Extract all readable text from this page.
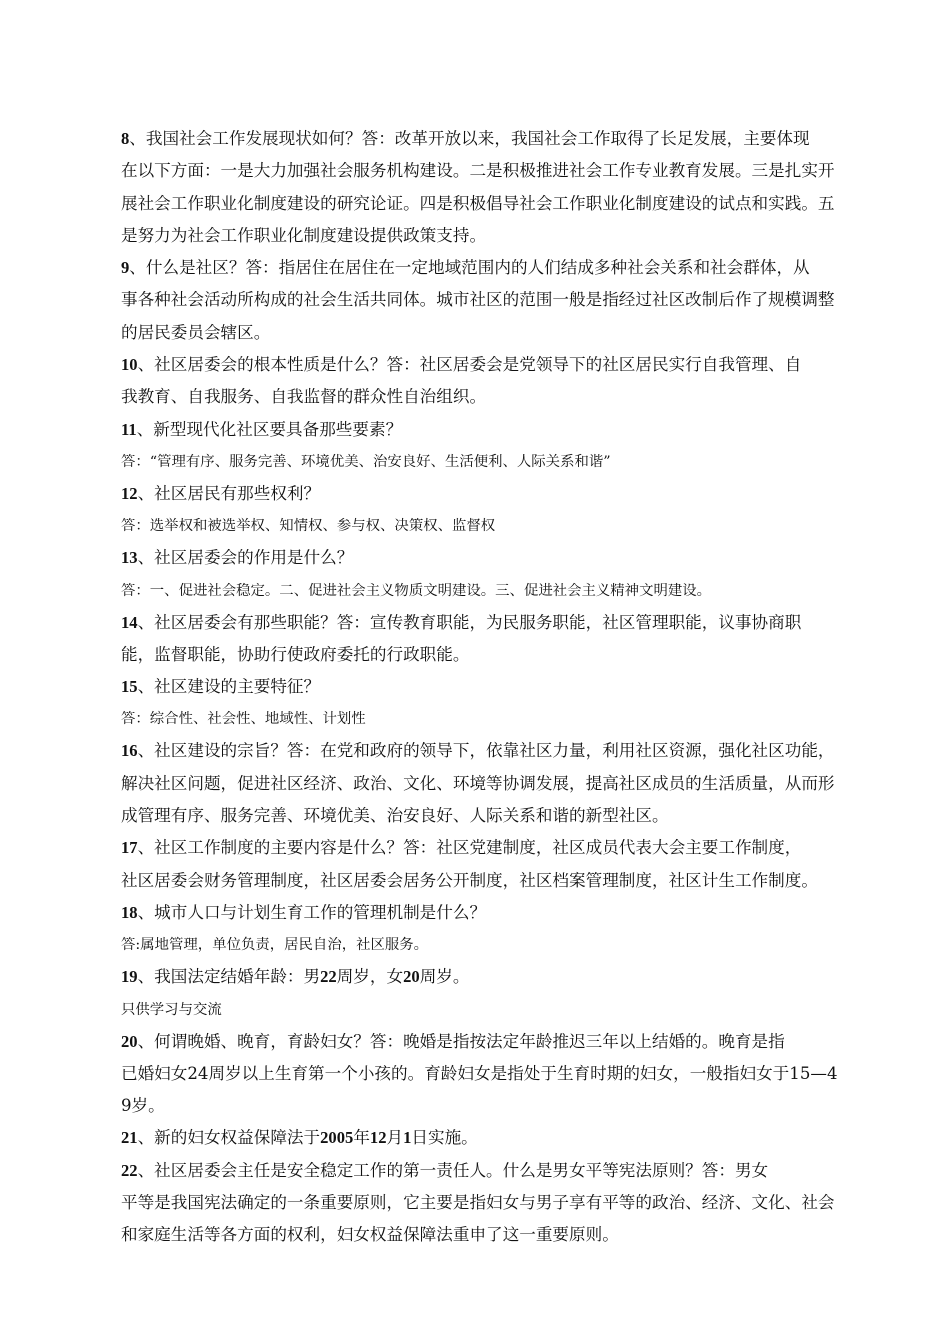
8、我国社会工作发展现状如何？答：改革开放以来，我国社会工作取得了长足发展，主要体现
在以下方面：一是大力加强社会服务机构建设。二是积极推进社会工作专业教育发展。三是扎实开
展社会工作职业化制度建设的研究论证。四是积极倡导社会工作职业化制度建设的试点和实践。五
是努力为社会工作职业化制度建设提供政策支持。
9、什么是社区？答：指居住在居住在一定地域范围内的人们结成多种社会关系和社会群体，从
事各种社会活动所构成的社会生活共同体。城市社区的范围一般是指经过社区改制后作了规模调整
的居民委员会辖区。
10、社区居委会的根本性质是什么？答：社区居委会是党领导下的社区居民实行自我管理、自
我教育、自我服务、自我监督的群众性自治组织。
11、新型现代化社区要具备那些要素？
答：“管理有序、服务完善、环境优美、治安良好、生活便利、人际关系和谐”
12、社区居民有那些权利？
答：选举权和被选举权、知情权、参与权、决策权、监督权
13、社区居委会的作用是什么？
答：一、促进社会稳定。二、促进社会主义物质文明建设。三、促进社会主义精神文明建设。
14、社区居委会有那些职能？答：宣传教育职能，为民服务职能，社区管理职能，议事协商职
能，监督职能，协助行使政府委托的行政职能。
15、社区建设的主要特征？
答：综合性、社会性、地域性、计划性
16、社区建设的宗旨？答：在党和政府的领导下，依靠社区力量，利用社区资源，强化社区功能，
解决社区问题，促进社区经济、政治、文化、环境等协调发展，提高社区成员的生活质量，从而形
成管理有序、服务完善、环境优美、治安良好、人际关系和谐的新型社区。
17、社区工作制度的主要内容是什么？答：社区党建制度，社区成员代表大会主要工作制度，
社区居委会财务管理制度，社区居委会居务公开制度，社区档案管理制度，社区计生工作制度。
18、城市人口与计划生育工作的管理机制是什么？
答:属地管理，单位负责，居民自治，社区服务。
19、我国法定结婚年龄：男22周岁，女20周岁。
只供学习与交流
20、何谓晚婚、晚育，育龄妇女？答：晚婚是指按法定年龄推迟三年以上结婚的。晚育是指
已婚妇女24周岁以上生育第一个小孩的。育龄妇女是指处于生育时期的妇女，一般指妇女于15—4
9岁。
21、新的妇女权益保障法于2005年12月1日实施。
22、社区居委会主任是安全稳定工作的第一责任人。什么是男女平等宪法原则？答：男女
平等是我国宪法确定的一条重要原则，它主要是指妇女与男子享有平等的政治、经济、文化、社会
和家庭生活等各方面的权利，妇女权益保障法重申了这一重要原则。
